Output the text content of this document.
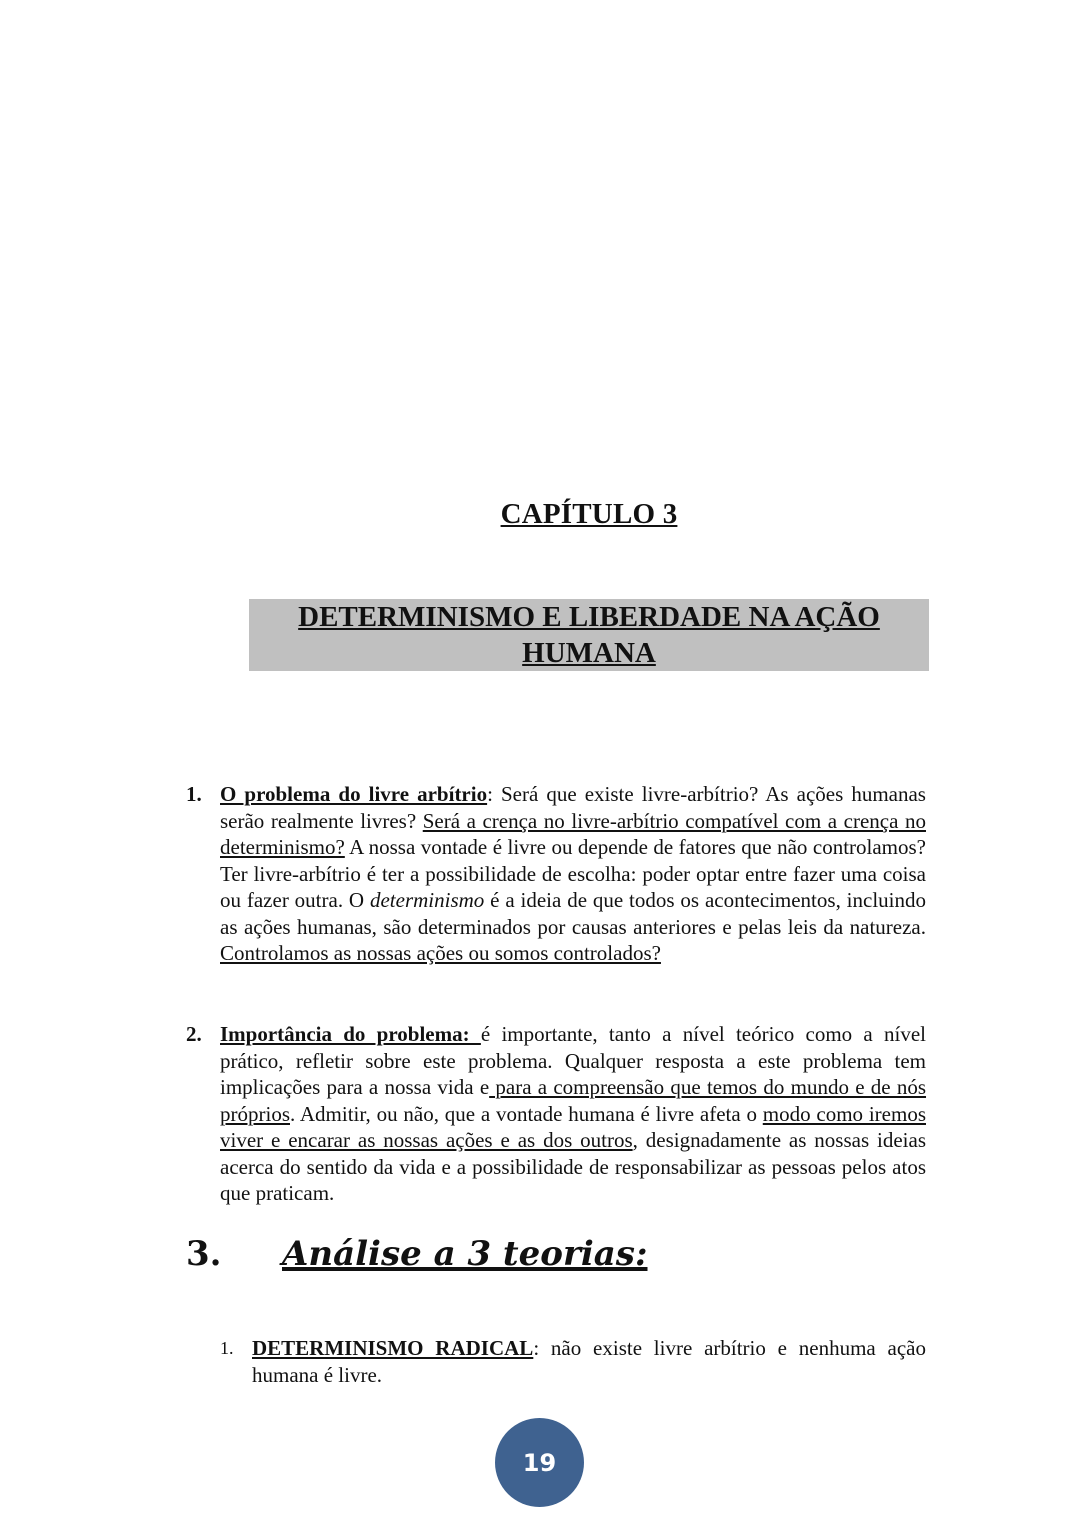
CAPÍTULO 3
DETERMINISMO E LIBERDADE NA AÇÃO
HUMANA
1. O problema do livre arbítrio: Será que existe livre-arbítrio? As ações humanas serão realmente livres? Será a crença no livre-arbítrio compatível com a crença no determinismo? A nossa vontade é livre ou depende de fatores que não controlamos? Ter livre-arbítrio é ter a possibilidade de escolha: poder optar entre fazer uma coisa ou fazer outra. O determinismo é a ideia de que todos os acontecimentos, incluindo as ações humanas, são determinados por causas anteriores e pelas leis da natureza. Controlamos as nossas ações ou somos controlados?
2. Importância do problema: é importante, tanto a nível teórico como a nível prático, refletir sobre este problema. Qualquer resposta a este problema tem implicações para a nossa vida e para a compreensão que temos do mundo e de nós próprios. Admitir, ou não, que a vontade humana é livre afeta o modo como iremos viver e encarar as nossas ações e as dos outros, designadamente as nossas ideias acerca do sentido da vida e a possibilidade de responsabilizar as pessoas pelos atos que praticam.
3. Análise a 3 teorias:
1. DETERMINISMO RADICAL: não existe livre arbítrio e nenhuma ação humana é livre.
19
